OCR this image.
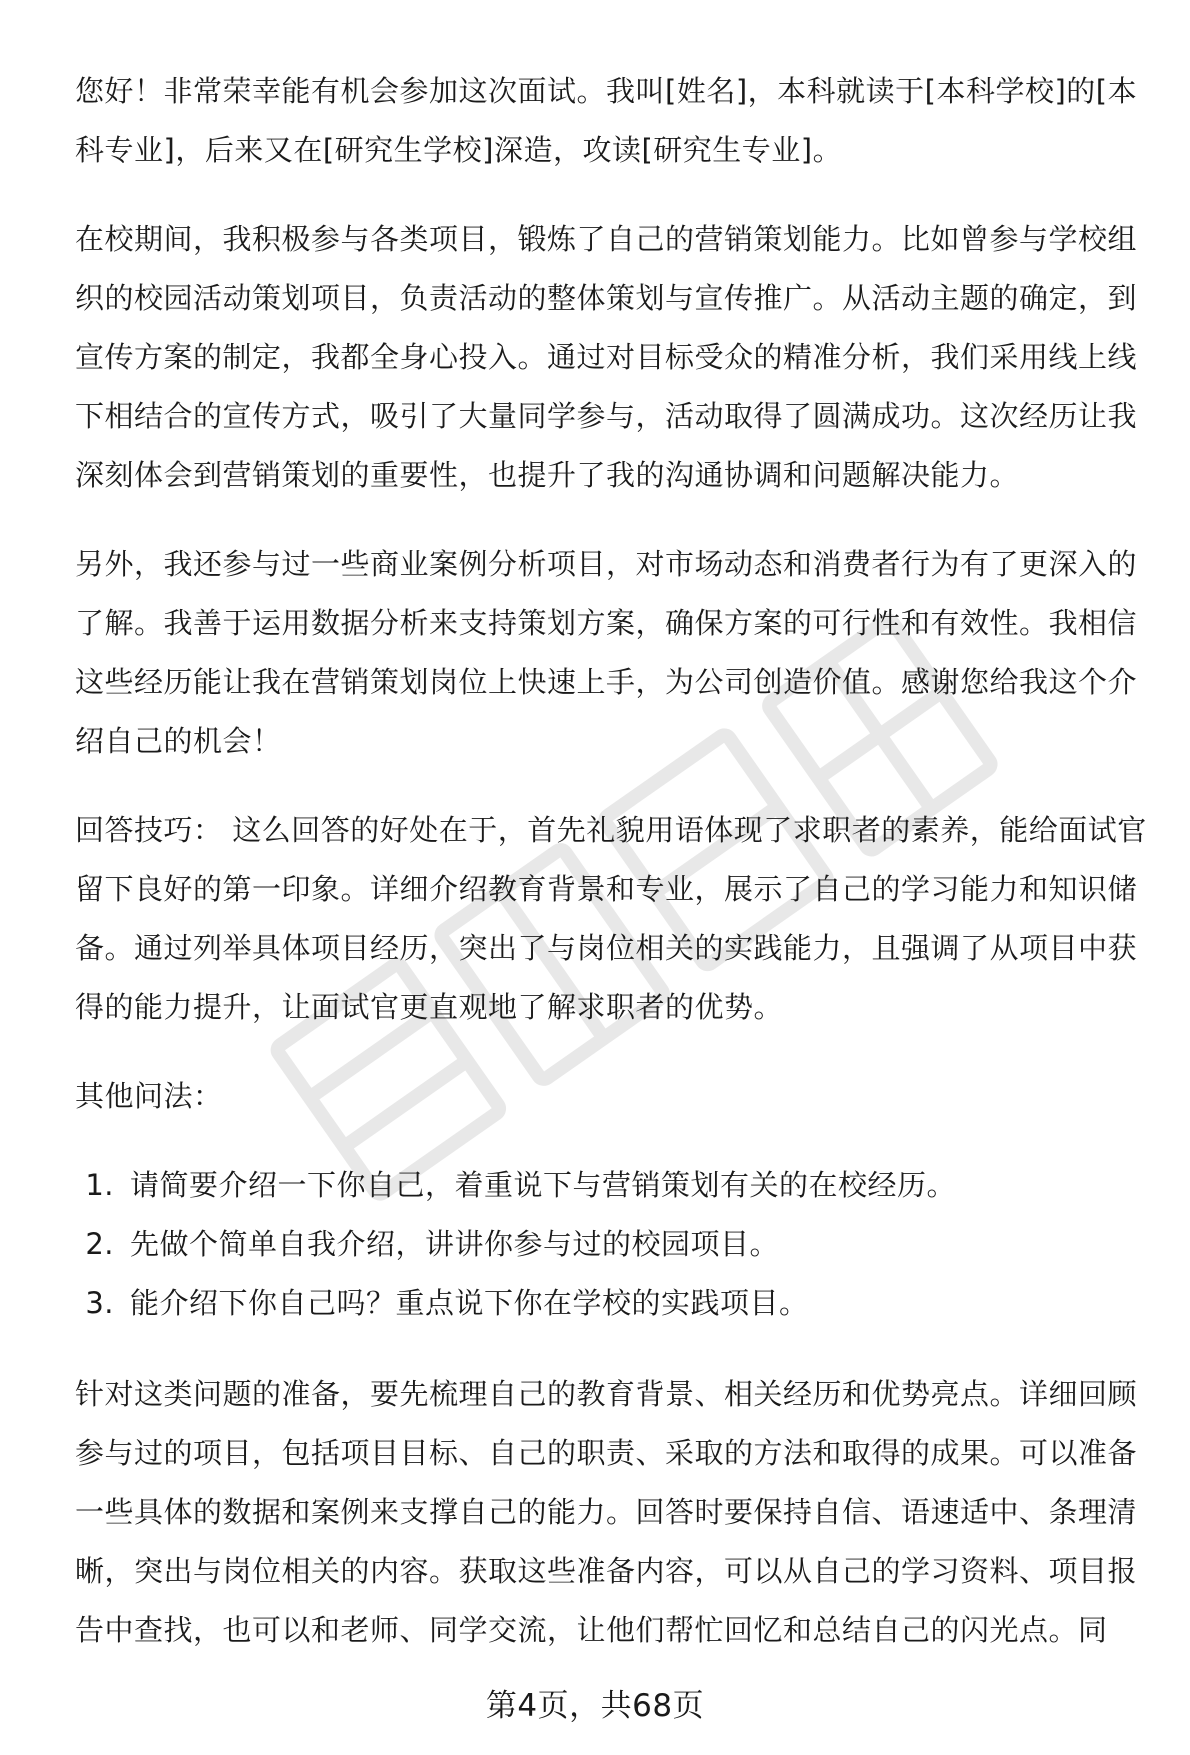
您好！非常荣幸能有机会参加这次面试。我叫[姓名]，本科就读于[本科学校]的[本科专业]，后来又在[研究生学校]深造，攻读[研究生专业]。

在校期间，我积极参与各类项目，锻炼了自己的营销策划能力。比如曾参与学校组织的校园活动策划项目，负责活动的整体策划与宣传推广。从活动主题的确定，到宣传方案的制定，我都全身心投入。通过对目标受众的精准分析，我们采用线上线下相结合的宣传方式，吸引了大量同学参与，活动取得了圆满成功。这次经历让我深刻体会到营销策划的重要性，也提升了我的沟通协调和问题解决能力。

另外，我还参与过一些商业案例分析项目，对市场动态和消费者行为有了更深入的了解。我善于运用数据分析来支持策划方案，确保方案的可行性和有效性。我相信这些经历能让我在营销策划岗位上快速上手，为公司创造价值。感谢您给我这个介绍自己的机会！

回答技巧： 这么回答的好处在于，首先礼貌用语体现了求职者的素养，能给面试官留下良好的第一印象。详细介绍教育背景和专业，展示了自己的学习能力和知识储备。通过列举具体项目经历，突出了与岗位相关的实践能力，且强调了从项目中获得的能力提升，让面试官更直观地了解求职者的优势。

其他问法：

1. 请简要介绍一下你自己，着重说下与营销策划有关的在校经历。
2. 先做个简单自我介绍，讲讲你参与过的校园项目。
3. 能介绍下你自己吗？重点说下你在学校的实践项目。

针对这类问题的准备，要先梳理自己的教育背景、相关经历和优势亮点。详细回顾参与过的项目，包括项目目标、自己的职责、采取的方法和取得的成果。可以准备一些具体的数据和案例来支撑自己的能力。回答时要保持自信、语速适中、条理清晰，突出与岗位相关的内容。获取这些准备内容，可以从自己的学习资料、项目报告中查找，也可以和老师、同学交流，让他们帮忙回忆和总结自己的闪光点。同

第4页，共68页
